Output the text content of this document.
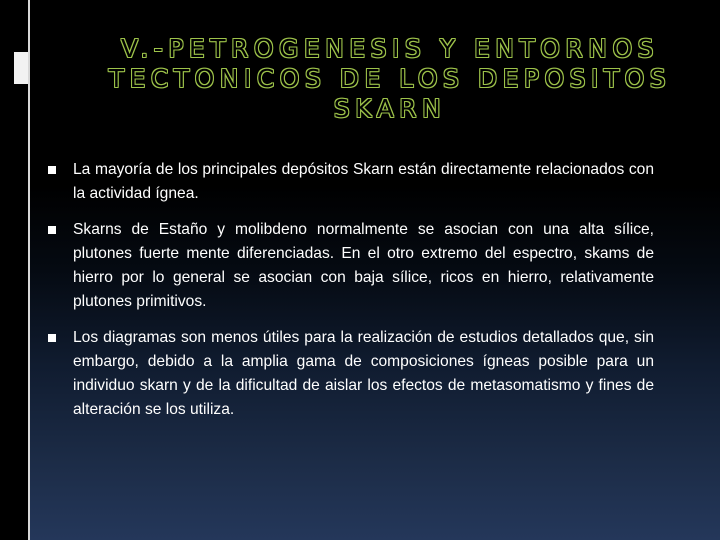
V.-PETROGENESIS Y ENTORNOS
TECTONICOS DE LOS DEPOSITOS
SKARN
La mayoría de los principales depósitos Skarn están directamente relacionados con la actividad ígnea.
Skarns de Estaño y molibdeno normalmente se asocian con una alta sílice, plutones fuerte mente diferenciadas. En el otro extremo del espectro, skams de hierro por lo general se asocian con baja sílice, ricos en hierro, relativamente plutones primitivos.
Los diagramas son menos útiles para la realización de estudios detallados que, sin embargo, debido a la amplia gama de composiciones ígneas posible para un individuo skarn y de la dificultad de aislar los efectos de metasomatismo y fines de alteración se los utiliza.
